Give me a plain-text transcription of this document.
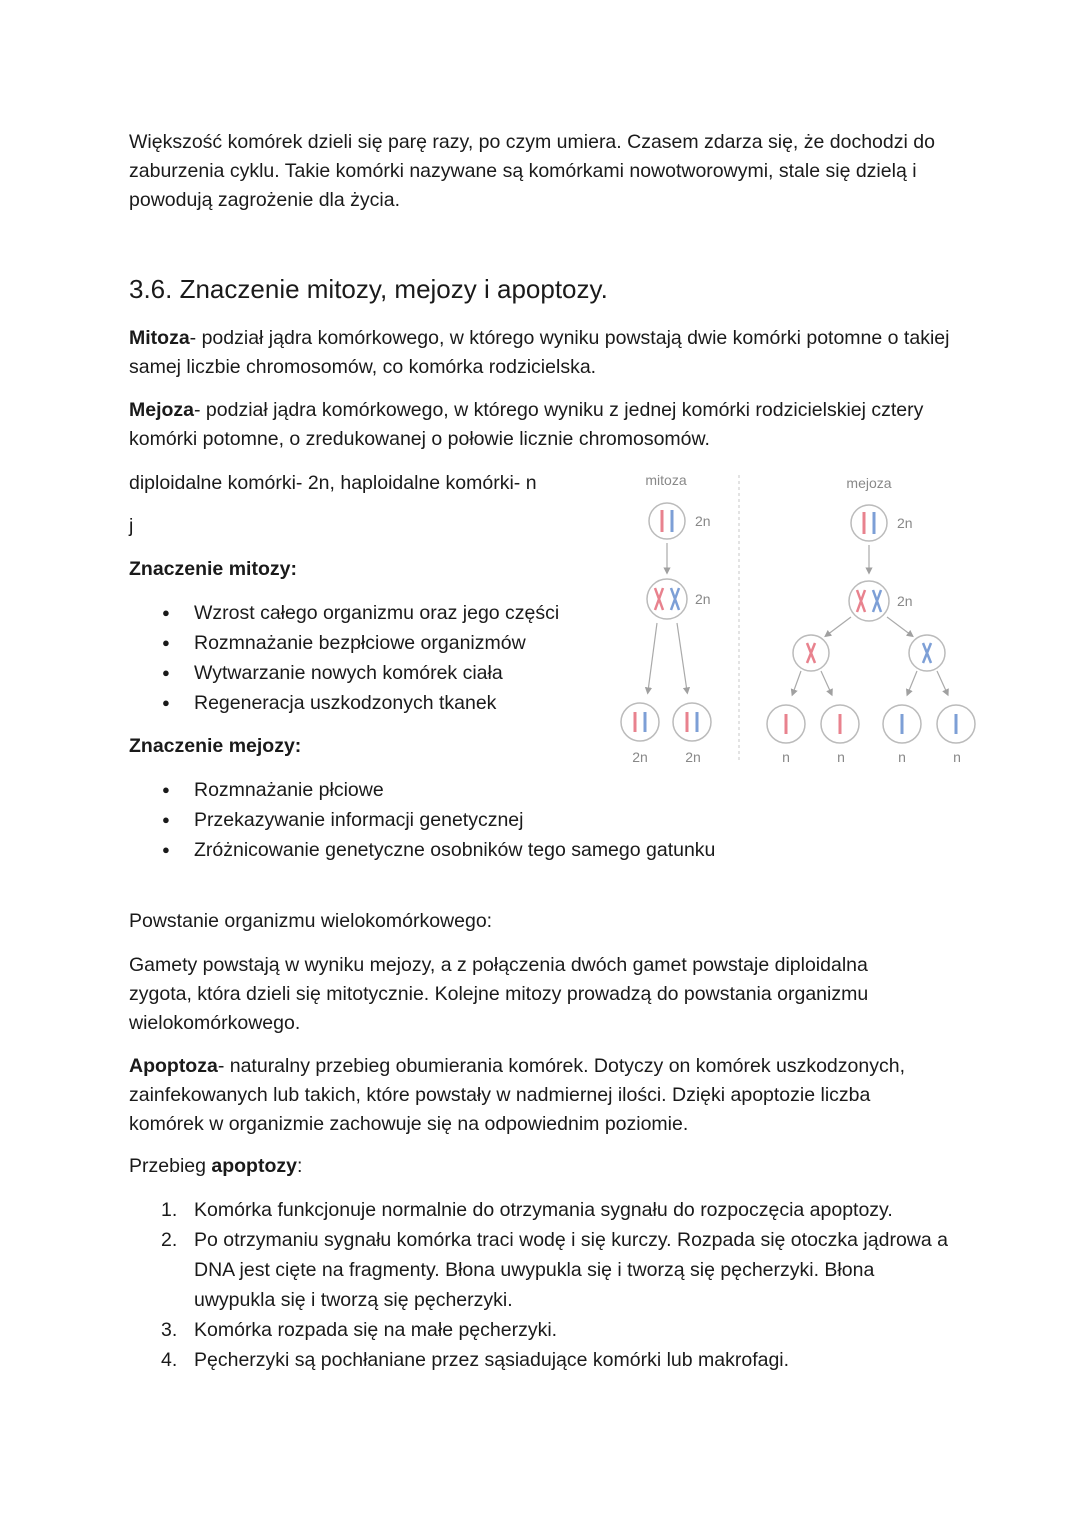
Większość komórek dzieli się parę razy, po czym umiera. Czasem zdarza się, że dochodzi do zaburzenia cyklu. Takie komórki nazywane są komórkami nowotworowymi, stale się dzielą i powodują zagrożenie dla życia.

3.6. Znaczenie mitozy, mejozy i apoptozy.

Mitoza- podział jądra komórkowego, w którego wyniku powstają dwie komórki potomne o takiej samej liczbie chromosomów, co komórka rodzicielska.

Mejoza- podział jądra komórkowego, w którego wyniku z jednej komórki rodzicielskiej cztery komórki potomne, o zredukowanej o połowie licznie chromosomów.

diploidalne komórki- 2n, haploidalne komórki- n

j

Znaczenie mitozy:

● Wzrost całego organizmu oraz jego części
● Rozmnażanie bezpłciowe organizmów
● Wytwarzanie nowych komórek ciała
● Regeneracja uszkodzonych tkanek

Znaczenie mejozy:

● Rozmnażanie płciowe
● Przekazywanie informacji genetycznej
● Zróżnicowanie genetyczne osobników tego samego gatunku
mitoza	mejoza
2n
2n
2n	2n
2n
2n
n	n	n	n

Powstanie organizmu wielokomórkowego:

Gamety powstają w wyniku mejozy, a z połączenia dwóch gamet powstaje diploidalna zygota, która dzieli się mitotycznie. Kolejne mitozy prowadzą do powstania organizmu wielokomórkowego.

Apoptoza- naturalny przebieg obumierania komórek. Dotyczy on komórek uszkodzonych, zainfekowanych lub takich, które powstały w nadmiernej ilości. Dzięki apoptozie liczba komórek w organizmie zachowuje się na odpowiednim poziomie.

Przebieg apoptozy:

1. Komórka funkcjonuje normalnie do otrzymania sygnału do rozpoczęcia apoptozy.
2. Po otrzymaniu sygnału komórka traci wodę i się kurczy. Rozpada się otoczka jądrowa a DNA jest cięte na fragmenty. Błona uwypukla się i tworzą się pęcherzyki. Błona uwypukla się i tworzą się pęcherzyki.
3. Komórka rozpada się na małe pęcherzyki.
4. Pęcherzyki są pochłaniane przez sąsiadujące komórki lub makrofagi.
